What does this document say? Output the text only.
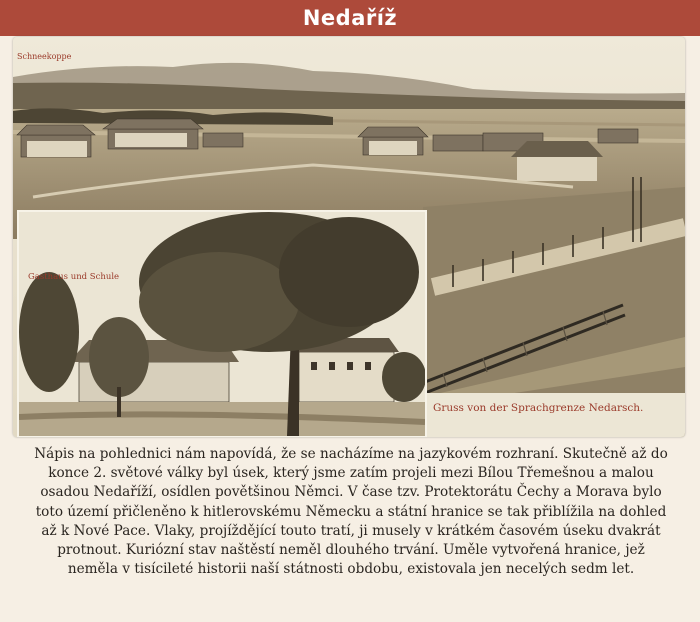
Nedaříž
Schneekoppe
Gasthaus und Schule
Gruss von der Sprachgrenze Nedarsch.

Nápis na pohlednici nám napovídá, že se nacházíme na jazykovém rozhraní. Skutečně až do

konce 2. světové války byl úsek, který jsme zatím projeli mezi Bílou Třemešnou a malou

osadou Nedaříží, osídlen povětšinou Němci. V čase tzv. Protektorátu Čechy a Morava bylo

toto území přičleněno k hitlerovskému Německu a státní hranice se tak přiblížila na dohled

až k Nové Pace. Vlaky, projíždějící touto tratí, ji musely v krátkém časovém úseku dvakrát

protnout. Kuriózní stav naštěstí neměl dlouhého trvání. Uměle vytvořená hranice, jež

neměla v tisícileté historii naší státnosti obdobu, existovala jen necelých sedm let.
